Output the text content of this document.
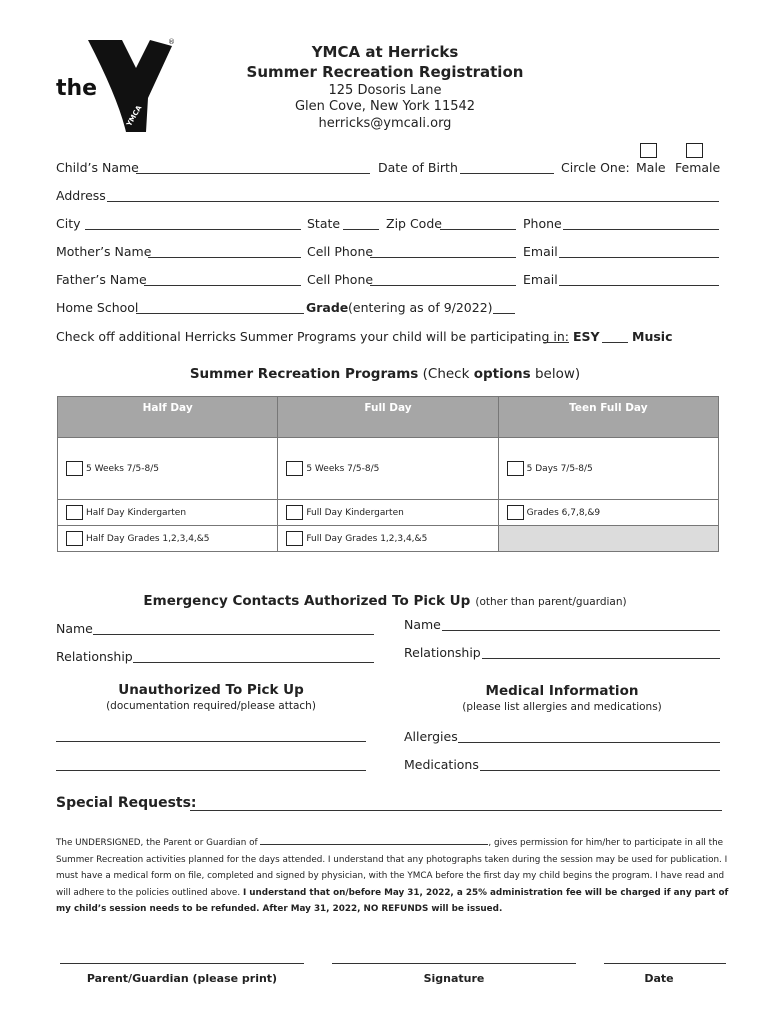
the
YMCA
®
YMCA at Herricks
Summer Recreation Registration
125 Dosoris Lane
Glen Cove, New York 11542
herricks@ymcali.org
Child’s Name	Date of Birth	Circle One: Male Female
Address
City	State	Zip Code	Phone
Mother’s Name	Cell Phone	Email
Father’s Name	Cell Phone	Email
Home School	Grade (entering as of 9/2022)
Check off additional Herricks Summer Programs your child will be participating in: ESY	Music
Summer Recreation Programs (Check options below)
Half Day	Full Day	Teen Full Day
5 Weeks 7/5-8/5	5 Weeks 7/5-8/5	5 Days 7/5-8/5
Half Day Kindergarten	Full Day Kindergarten	Grades 6,7,8,&9
Half Day Grades 1,2,3,4,&5	Full Day Grades 1,2,3,4,&5	
Emergency Contacts Authorized To Pick Up (other than parent/guardian)
Name	Name
Relationship	Relationship
Unauthorized To Pick Up
(documentation required/please attach)
Medical Information
(please list allergies and medications)
Allergies
Medications
Special Requests:
The UNDERSIGNED, the Parent or Guardian of	, gives permission for him/her to participate in all the Summer Recreation activities planned for the days attended. I understand that any photographs taken during the session may be used for publication. I must have a medical form on file, completed and signed by physician, with the YMCA before the first day my child begins the program. I have read and will adhere to the policies outlined above. I understand that on/before May 31, 2022, a 25% administration fee will be charged if any part of my child’s session needs to be refunded. After May 31, 2022, NO REFUNDS will be issued.
Parent/Guardian (please print)	Signature	Date
